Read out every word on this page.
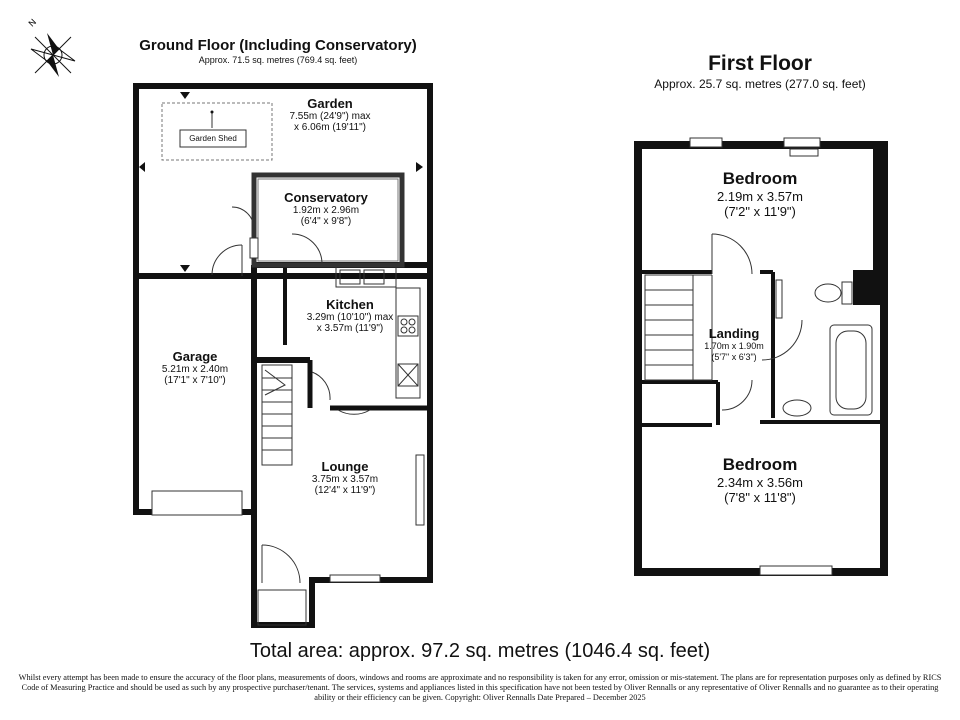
N
Ground Floor (Including Conservatory)
Approx. 71.5 sq. metres (769.4 sq. feet)	First Floor
Approx. 25.7 sq. metres (277.0 sq. feet)
Garden
7.55m (24'9") max
x 6.06m (19'11")
Garden Shed
Conservatory
1.92m x 2.96m
(6'4" x 9'8")
Kitchen
3.29m (10'10") max
x 3.57m (11'9")
Garage
5.21m x 2.40m
(17'1" x 7'10")
Lounge
3.75m x 3.57m
(12'4" x 11'9")
Bedroom
2.19m x 3.57m
(7'2" x 11'9")
Landing
1.70m x 1.90m
(5'7" x 6'3")
Bedroom
2.34m x 3.56m
(7'8" x 11'8")
Total area: approx. 97.2 sq. metres (1046.4 sq. feet)
Whilst every attempt has been made to ensure the accuracy of the floor plans, measurements of doors, windows and rooms are approximate and no responsibility is taken for any error, omission or mis-statement. The plans are for representation purposes only as defined by RICS Code of Measuring Practice and should be used as such by any prospective purchaser/tenant. The services, systems and appliances listed in this specification have not been tested by Oliver Rennalls or any representative of Oliver Rennalls and no guarantee as to their operating ability or their efficiency can be given. Copyright: Oliver Rennalls Date Prepared – December 2025
